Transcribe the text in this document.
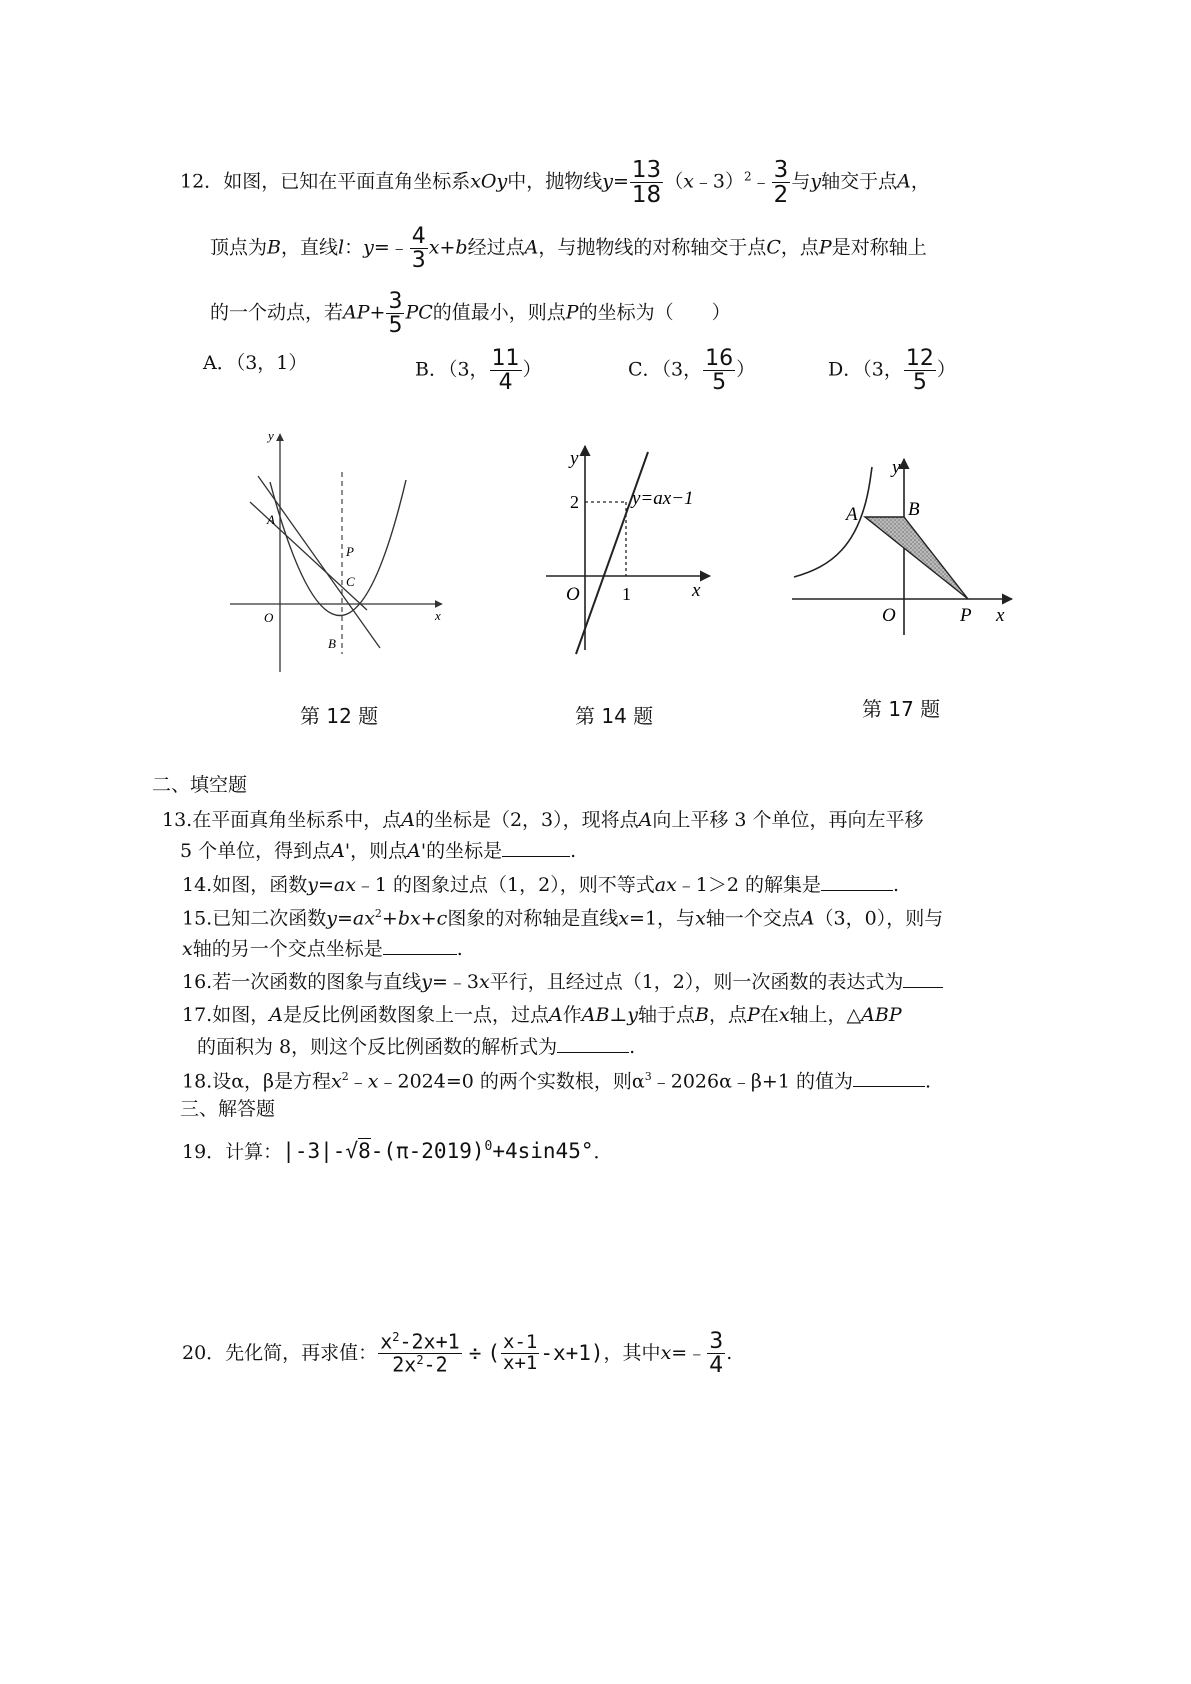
12．如图，已知在平面直角坐标系xOy中，抛物线$y= \frac{13}{18}$ （x﹣3）$^2$﹣ $\frac{3}{2}$ 与y轴交于点A，
顶点为B，直线l：y=﹣ $\frac{4}{3} x+b$经过点A，与抛物线的对称轴交于点C，点P是对称轴上
的一个动点，若$AP+ \frac{3}{5}$ PC的值最小，则点P的坐标为（　　）
A．（3，1）	B．（3， $\frac{11}{4}$ ）	C．（3， $\frac{16}{5}$ ）	D．（3， $\frac{12}{5}$ ）
y
x
O
A
P
C
B
第 12 题
y
x
O
2
1
y=ax−1
第 14 题
y
x
O
A	B
P
第 17 题
二、填空题
13.在平面真角坐标系中，点A的坐标是（2，3），现将点A向上平移 3 个单位，再向左平移
5 个单位，得到点A'，则点A'的坐标是	.
14.如图，函数y=ax﹣1 的图象过点（1，2），则不等式ax﹣1＞2 的解集是	.
15.已知二次函数$y=ax^2+bx+c$图象的对称轴是直线x=1，与x轴一个交点A（3，0），则与
x轴的另一个交点坐标是	.
16.若一次函数的图象与直线y=﹣3x平行，且经过点（1，2），则一次函数的表达式为
17.如图，A是反比例函数图象上一点，过点A作AB⊥y轴于点B，点P在x轴上，△ABP
的面积为 8，则这个反比例函数的解析式为	.
18.设α，β是方程$x^2﹣x﹣2024=0$ 的两个实数根，则$\alpha^3﹣2026\alpha﹣\beta+1$ 的值为	.
三、解答题
19．计算：$|-3|-√8-(\pi-2019)^0+4\sin 45^\circ$．
20．先化简，再求值： $\frac{x^2-2x+1}{2x^2-2}$ ÷ ( $\frac{x-1}{x+1} -x+1$)，其中x=﹣ $\frac{3}{4}$ .
